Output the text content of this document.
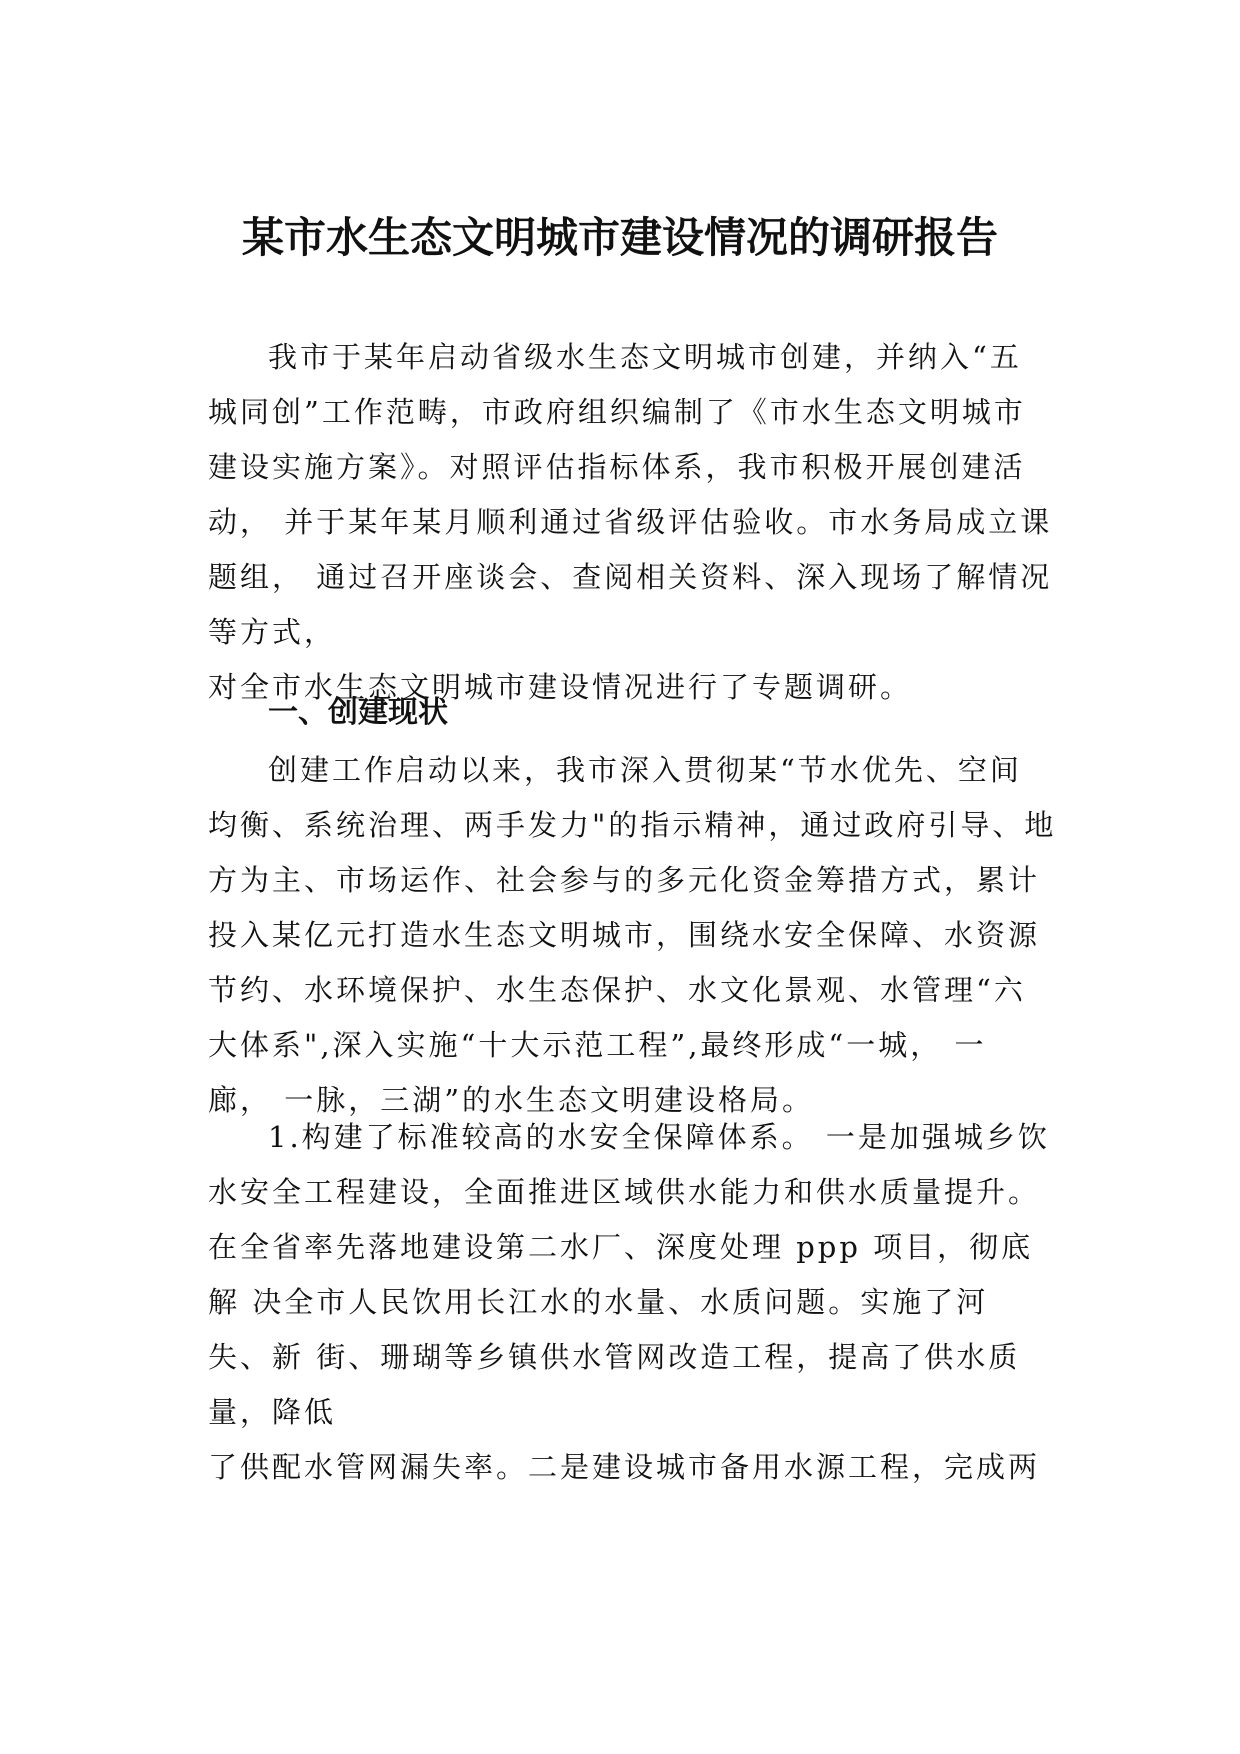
某市水生态文明城市建设情况的调研报告
我市于某年启动省级水生态文明城市创建，并纳入“五
城同创”工作范畴，市政府组织编制了《市水生态文明城市
建设实施方案》。对照评估指标体系，我市积极开展创建活
动， 并于某年某月顺利通过省级评估验收。市水务局成立课
题组， 通过召开座谈会、查阅相关资料、深入现场了解情况
等方式，
对全市水生态文明城市建设情况进行了专题调研。
一、创建现状
创建工作启动以来，我市深入贯彻某“节水优先、空间
均衡、系统治理、两手发力"的指示精神，通过政府引导、地
方为主、市场运作、社会参与的多元化资金筹措方式，累计
投入某亿元打造水生态文明城市，围绕水安全保障、水资源
节约、水环境保护、水生态保护、水文化景观、水管理“六
大体系",深入实施“十大示范工程”,最终形成“一城， 一
廊， 一脉，三湖”的水生态文明建设格局。
1.构建了标准较高的水安全保障体系。 一是加强城乡饮
水安全工程建设，全面推进区域供水能力和供水质量提升。
在全省率先落地建设第二水厂、深度处理 ppp 项目，彻底
解 决全市人民饮用长江水的水量、水质问题。实施了河
失、新 街、珊瑚等乡镇供水管网改造工程，提高了供水质
量，降低
了供配水管网漏失率。二是建设城市备用水源工程，完成两
